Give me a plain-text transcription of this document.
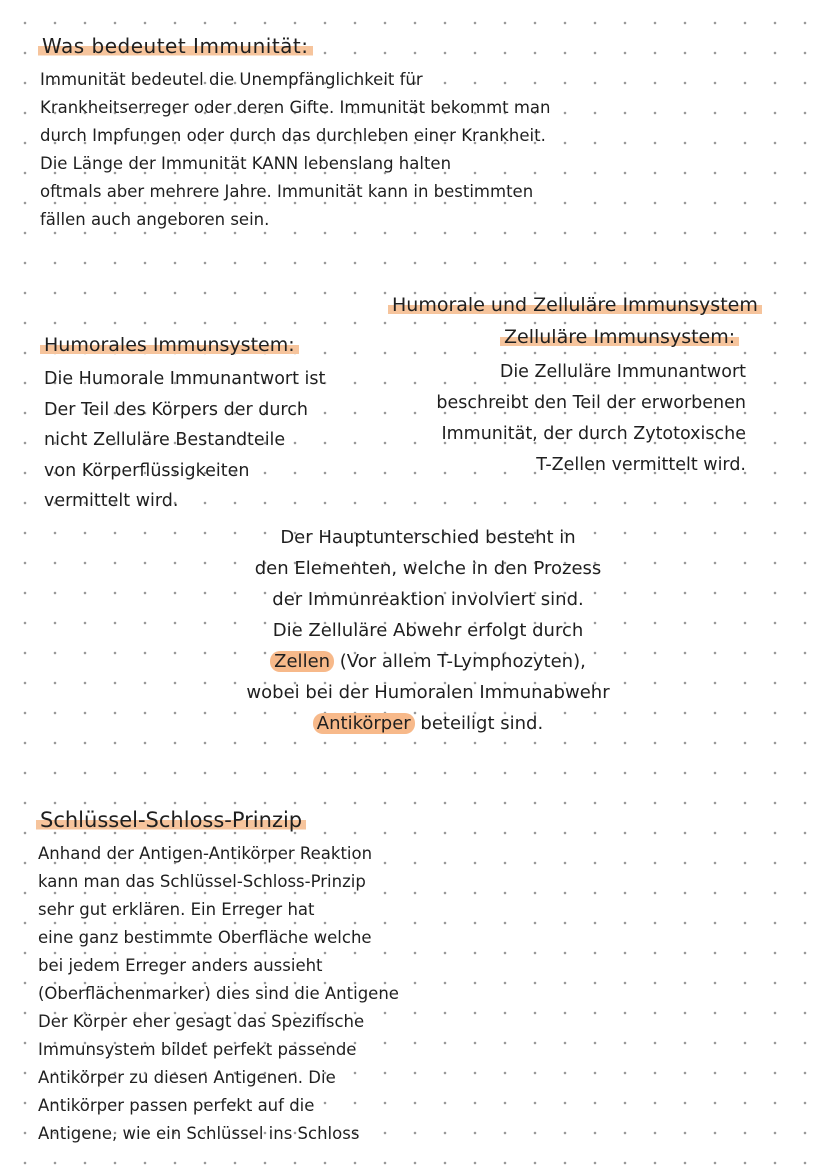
Was bedeutet Immunität:
Immunität bedeutel die Unempfänglichkeit für
Krankheitserreger oder deren Gifte. Immunität bekommt man
durch Impfungen oder durch das durchleben einer Krankheit.
Die Länge der Immunität KANN lebenslang halten
oftmals aber mehrere Jahre. Immunität kann in bestimmten
fällen auch angeboren sein.
Humorale und Zelluläre Immunsystem
Humorales Immunsystem:
Die Humorale Immunantwort ist
Der Teil des Körpers der durch
nicht Zelluläre Bestandteile
von Körperflüssigkeiten
vermittelt wird.
Zelluläre Immunsystem:
Die Zelluläre Immunantwort
beschreibt den Teil der erworbenen
Immunität, der durch Zytotoxische
T-Zellen vermittelt wird.
Der Hauptunterschied besteht in
den Elementen, welche in den Prozess
der Immunreaktion involviert sind.
Die Zelluläre Abwehr erfolgt durch
Zellen (Vor allem T-Lymphozyten),
wobei bei der Humoralen Immunabwehr
Antikörper beteiligt sind.
Schlüssel-Schloss-Prinzip
Anhand der Antigen-Antikörper Reaktion
kann man das Schlüssel-Schloss-Prinzip
sehr gut erklären. Ein Erreger hat
eine ganz bestimmte Oberfläche welche
bei jedem Erreger anders aussieht
(Oberflächenmarker) dies sind die Antigene
Der Körper eher gesagt das Spezifische
Immunsystem bildet perfekt passende
Antikörper zu diesen Antigenen. Die
Antikörper passen perfekt auf die
Antigene, wie ein Schlüssel ins Schloss
